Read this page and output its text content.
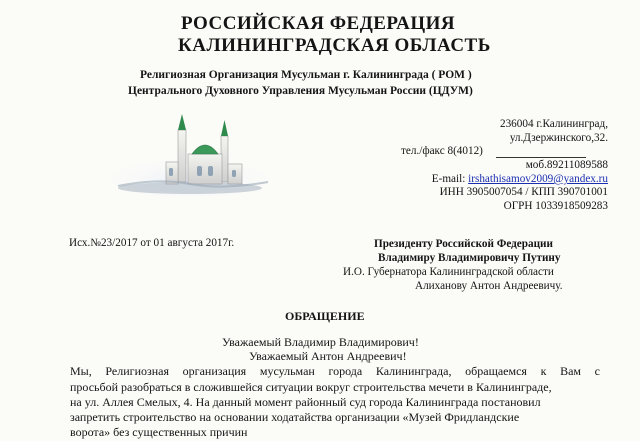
РОССИЙСКАЯ ФЕДЕРАЦИЯ
КАЛИНИНГРАДСКАЯ ОБЛАСТЬ
Религиозная Организация Мусульман г. Калининграда ( РОМ )
Центрального Духовного Управления Мусульман России (ЦДУМ)
236004 г.Калининград,
ул.Дзержинского,32.
тел./факс 8(4012)
моб.89211089588
E-mail: irshathisamov2009@yandex.ru
ИНН 3905007054 / КПП 390701001
ОГРН 1033918509283
Исх.№23/2017 от 01 августа 2017г.	Президенту Российской Федерации
Владимиру Владимировичу Путину
И.О. Губернатора Калининградской области
Алиханову Антон Андреевичу.
ОБРАЩЕНИЕ
Уважаемый Владимир Владимирович!
Уважаемый Антон Андреевич!
Мы, Религиозная организация мусульман города Калининграда, обращаемся к Вам с
просьбой разобраться в сложившейся ситуации вокруг строительства мечети в Калининграде,
на ул. Аллея Смелых, 4. На данный момент районный суд города Калининграда постановил
запретить строительство на основании ходатайства организации «Музей Фридландские
ворота» без существенных причин
